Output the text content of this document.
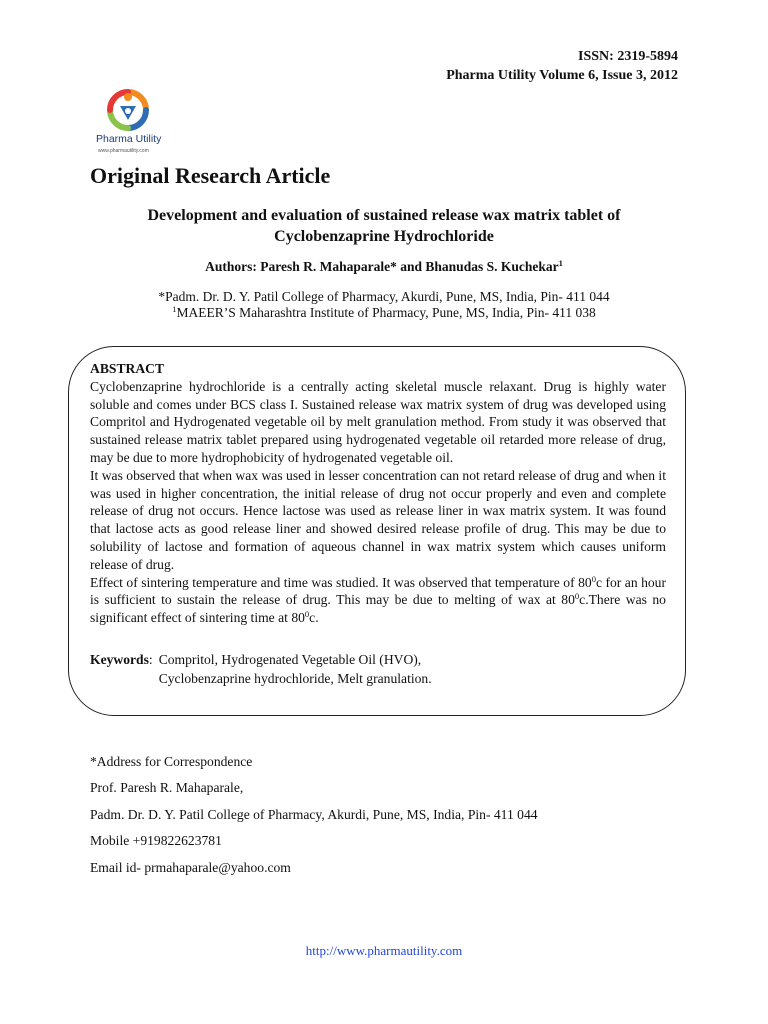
ISSN: 2319-5894
Pharma Utility Volume 6, Issue 3, 2012
Pharma Utility
www.pharmautility.com
Original Research Article
Development and evaluation of sustained release wax matrix tablet of
Cyclobenzaprine Hydrochloride
Authors: Paresh R. Mahaparale* and Bhanudas S. Kuchekar$^1$
*Padm. Dr. D. Y. Patil College of Pharmacy, Akurdi, Pune, MS, India, Pin- 411 044
$^1$MAEER’S Maharashtra Institute of Pharmacy, Pune, MS, India, Pin- 411 038
ABSTRACT

Cyclobenzaprine hydrochloride is a centrally acting skeletal muscle relaxant. Drug is highly water soluble and comes under BCS class I. Sustained release wax matrix system of drug was developed using Compritol and Hydrogenated vegetable oil by melt granulation method. From study it was observed that sustained release matrix tablet prepared using hydrogenated vegetable oil retarded more release of drug, may be due to more hydrophobicity of hydrogenated vegetable oil.

It was observed that when wax was used in lesser concentration can not retard release of drug and when it was used in higher concentration, the initial release of drug not occur properly and even and complete release of drug not occurs. Hence lactose was used as release liner in wax matrix system. It was found that lactose acts as good release liner and showed desired release profile of drug. This may be due to solubility of lactose and formation of aqueous channel in wax matrix system which causes uniform release of drug.

Effect of sintering temperature and time was studied. It was observed that temperature of $80^0c$ for an hour is sufficient to sustain the release of drug. This may be due to melting of wax at $80^0c.There$ was no significant effect of sintering time at $80^0c$.

Keywords : Compritol, Hydrogenated Vegetable Oil (HVO),
Cyclobenzaprine hydrochloride, Melt granulation.
*Address for Correspondence
Prof. Paresh R. Mahaparale,
Padm. Dr. D. Y. Patil College of Pharmacy, Akurdi, Pune, MS, India, Pin- 411 044
Mobile +919822623781
Email id- prmahaparale@yahoo.com
http://www.pharmautility.com
